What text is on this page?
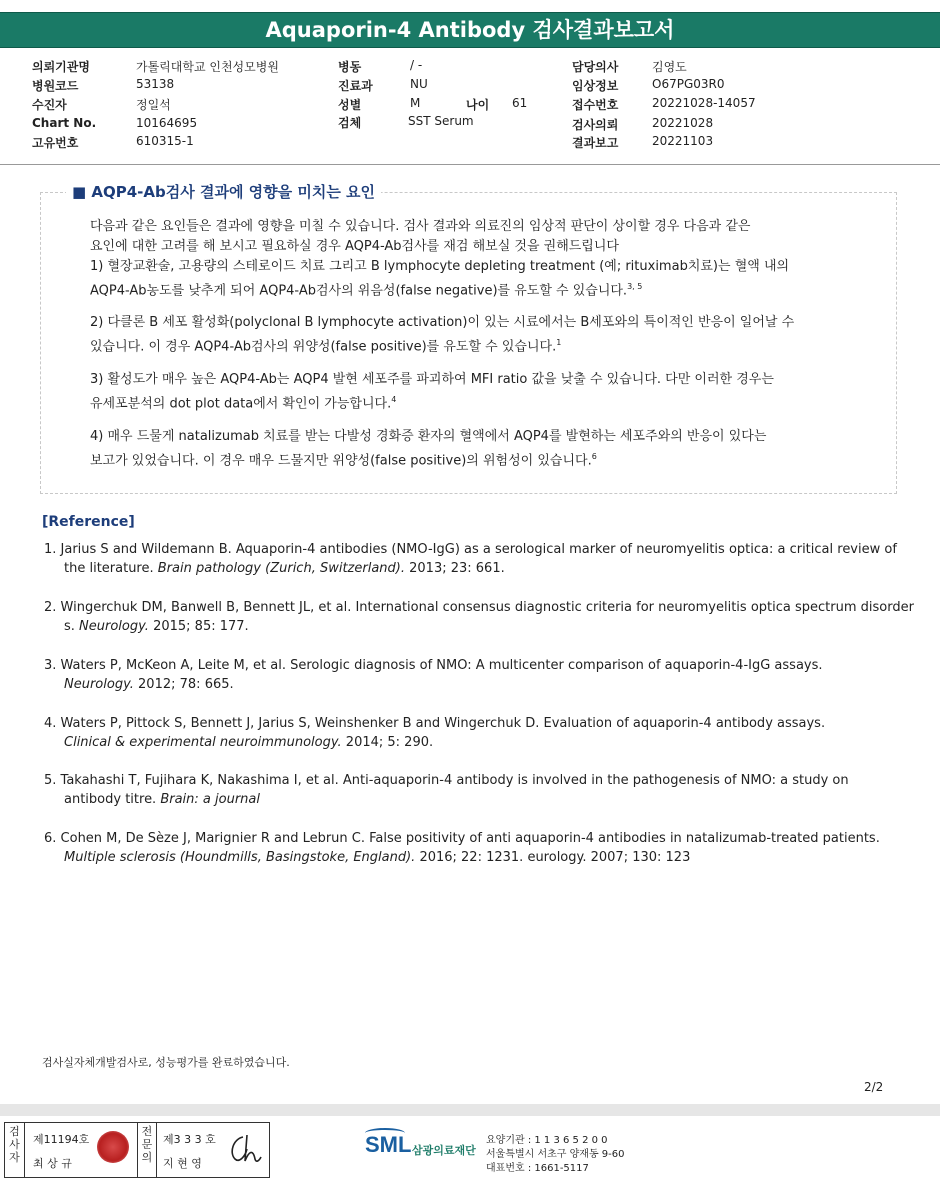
Aquaporin-4 Antibody 검사결과보고서
의뢰기관명	가톨릭대학교 인천성모병원
병원코드	53138
수진자	정일석
Chart No.	10164695
고유번호	610315-1
병동	/ -
진료과	NU
성별	M	나이 61
검체	SST Serum
담당의사	김영도
임상정보	O67PG03R0
접수번호	20221028-14057
검사의뢰	20221028
결과보고	20221103
■ AQP4-Ab검사 결과에 영향을 미치는 요인
다음과 같은 요인들은 결과에 영향을 미칠 수 있습니다. 검사 결과와 의료진의 임상적 판단이 상이할 경우 다음과 같은
요인에 대한 고려를 해 보시고 필요하실 경우 AQP4-Ab검사를 재검 해보실 것을 권해드립니다
1) 혈장교환술, 고용량의 스테로이드 치료 그리고 B lymphocyte depleting treatment (예; rituximab치료)는 혈액 내의
AQP4-Ab농도를 낮추게 되어 AQP4-Ab검사의 위음성(false negative)를 유도할 수 있습니다.$^{3, 5}$
2) 다클론 B 세포 활성화(polyclonal B lymphocyte activation)이 있는 시료에서는 B세포와의 특이적인 반응이 일어날 수
있습니다. 이 경우 AQP4-Ab검사의 위양성(false positive)를 유도할 수 있습니다.$^1$
3) 활성도가 매우 높은 AQP4-Ab는 AQP4 발현 세포주를 파괴하여 MFI ratio 값을 낮출 수 있습니다. 다만 이러한 경우는
유세포분석의 dot plot data에서 확인이 가능합니다.$^4$
4) 매우 드물게 natalizumab 치료를 받는 다발성 경화증 환자의 혈액에서 AQP4를 발현하는 세포주와의 반응이 있다는
보고가 있었습니다. 이 경우 매우 드물지만 위양성(false positive)의 위험성이 있습니다.$^6$
[Reference]
1. Jarius S and Wildemann B. Aquaporin-4 antibodies (NMO-IgG) as a serological marker of neuromyelitis optica: a critical review of
the literature. Brain pathology (Zurich, Switzerland). 2013; 23: 661.
2. Wingerchuk DM, Banwell B, Bennett JL, et al. International consensus diagnostic criteria for neuromyelitis optica spectrum disorder
s. Neurology. 2015; 85: 177.
3. Waters P, McKeon A, Leite M, et al. Serologic diagnosis of NMO: A multicenter comparison of aquaporin-4-IgG assays.
Neurology. 2012; 78: 665.
4. Waters P, Pittock S, Bennett J, Jarius S, Weinshenker B and Wingerchuk D. Evaluation of aquaporin-4 antibody assays.
Clinical & experimental neuroimmunology. 2014; 5: 290.
5. Takahashi T, Fujihara K, Nakashima I, et al. Anti-aquaporin-4 antibody is involved in the pathogenesis of NMO: a study on
antibody titre. Brain: a journal
6. Cohen M, De Sèze J, Marignier R and Lebrun C. False positivity of anti aquaporin-4 antibodies in natalizumab-treated patients.
Multiple sclerosis (Houndmills, Basingstoke, England). 2016; 22: 1231. eurology. 2007; 130: 123
검사실자체개발검사로, 성능평가를 완료하였습니다.
2/2
검사자
제11194호
최 상 규
전문의
제3 3 3 호
지 현 영
SML 삼광의료재단
요양기관 : 1 1 3 6 5 2 0 0
서울특별시 서초구 양재동 9-60
대표번호 : 1661-5117
